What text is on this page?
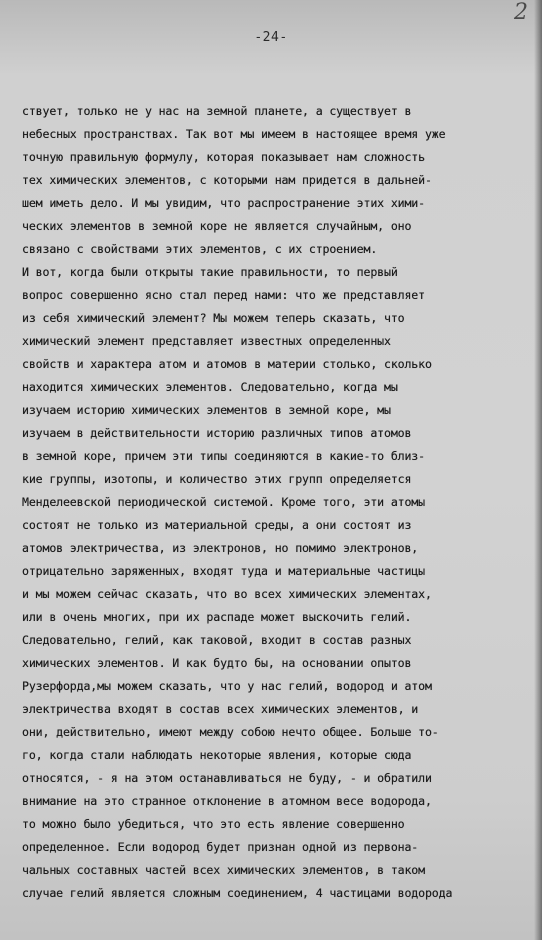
-24-
2
ствует, только не у нас на земной планете, а существует в
небесных пространствах. Так вот мы имеем в настоящее время уже
точную правильную формулу, которая показывает нам сложность
тех химических элементов, с которыми нам придется в дальней-
шем иметь дело. И мы увидим, что распространение этих хими-
ческих элементов в земной коре не является случайным, оно
связано с свойствами этих элементов, с их строением.
И вот, когда были открыты такие правильности, то первый
вопрос совершенно ясно стал перед нами: что же представляет
из себя химический элемент? Мы можем теперь сказать, что
химический элемент представляет известных определенных
свойств и характера атом и атомов в материи столько, сколько
находится химических элементов. Следовательно, когда мы
изучаем историю химических элементов в земной коре, мы
изучаем в действительности историю различных типов атомов
в земной коре, причем эти типы соединяются в какие-то близ-
кие группы, изотопы, и количество этих групп определяется
Менделеевской периодической системой. Кроме того, эти атомы
состоят не только из материальной среды, а они состоят из
атомов электричества, из электронов, но помимо электронов,
отрицательно заряженных, входят туда и материальные частицы
и мы можем сейчас сказать, что во всех химических элементах,
или в очень многих, при их распаде может выскочить гелий.
Следовательно, гелий, как таковой, входит в состав разных
химических элементов. И как будто бы, на основании опытов
Рузерфорда,мы можем сказать, что у нас гелий, водород и атом
электричества входят в состав всех химических элементов, и
они, действительно, имеют между собою нечто общее. Больше то-
го, когда стали наблюдать некоторые явления, которые сюда
относятся, - я на этом останавливаться не буду, - и обратили
внимание на это странное отклонение в атомном весе водорода,
то можно было убедиться, что это есть явление совершенно
определенное. Если водород будет признан одной из первона-
чальных составных частей всех химических элементов, в таком
случае гелий является сложным соединением, 4 частицами водорода
